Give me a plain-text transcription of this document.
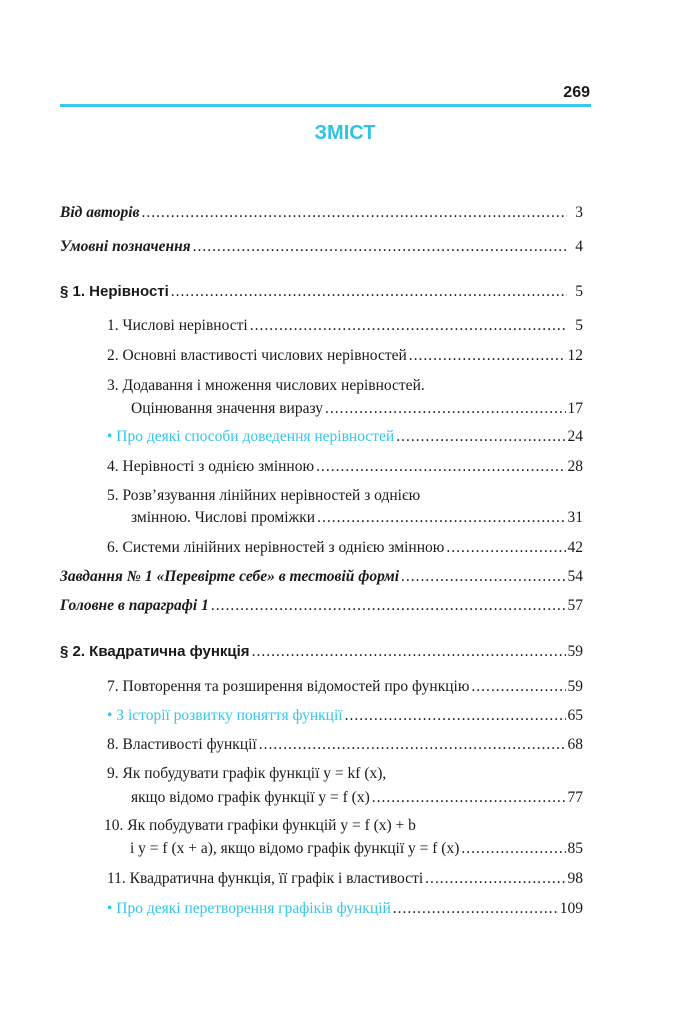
269
ЗМІСТ
Від авторів .....	3
Умовні позначення .....	4
§ 1. Нерівності .....	5
1. Числові нерівності .....	5
2. Основні властивості числових нерівностей .....	12
3. Додавання і множення числових нерівностей.
Оцінювання значення виразу .....	17
• Про деякі способи доведення нерівностей .....	24
4. Нерівності з однією змінною .....	28
5. Розв’язування лінійних нерівностей з однією
змінною. Числові проміжки .....	31
6. Системи лінійних нерівностей з однією змінною .....	42
Завдання № 1 «Перевірте себе» в тестовій формі .....	54
Головне в параграфі 1 .....	57
§ 2. Квадратична функція .....	59
7. Повторення та розширення відомостей про функцію .....	59
• З історії розвитку поняття функції .....	65
8. Властивості функції .....	68
9. Як побудувати графік функції y = kf (x),
якщо відомо графік функції y = f (x) .....	77
10. Як побудувати графіки функцій y = f (x) + b
і y = f (x + a), якщо відомо графік функції y = f (x) .....	85
11. Квадратична функція, її графік і властивості .....	98
• Про деякі перетворення графіків функцій .....	109
